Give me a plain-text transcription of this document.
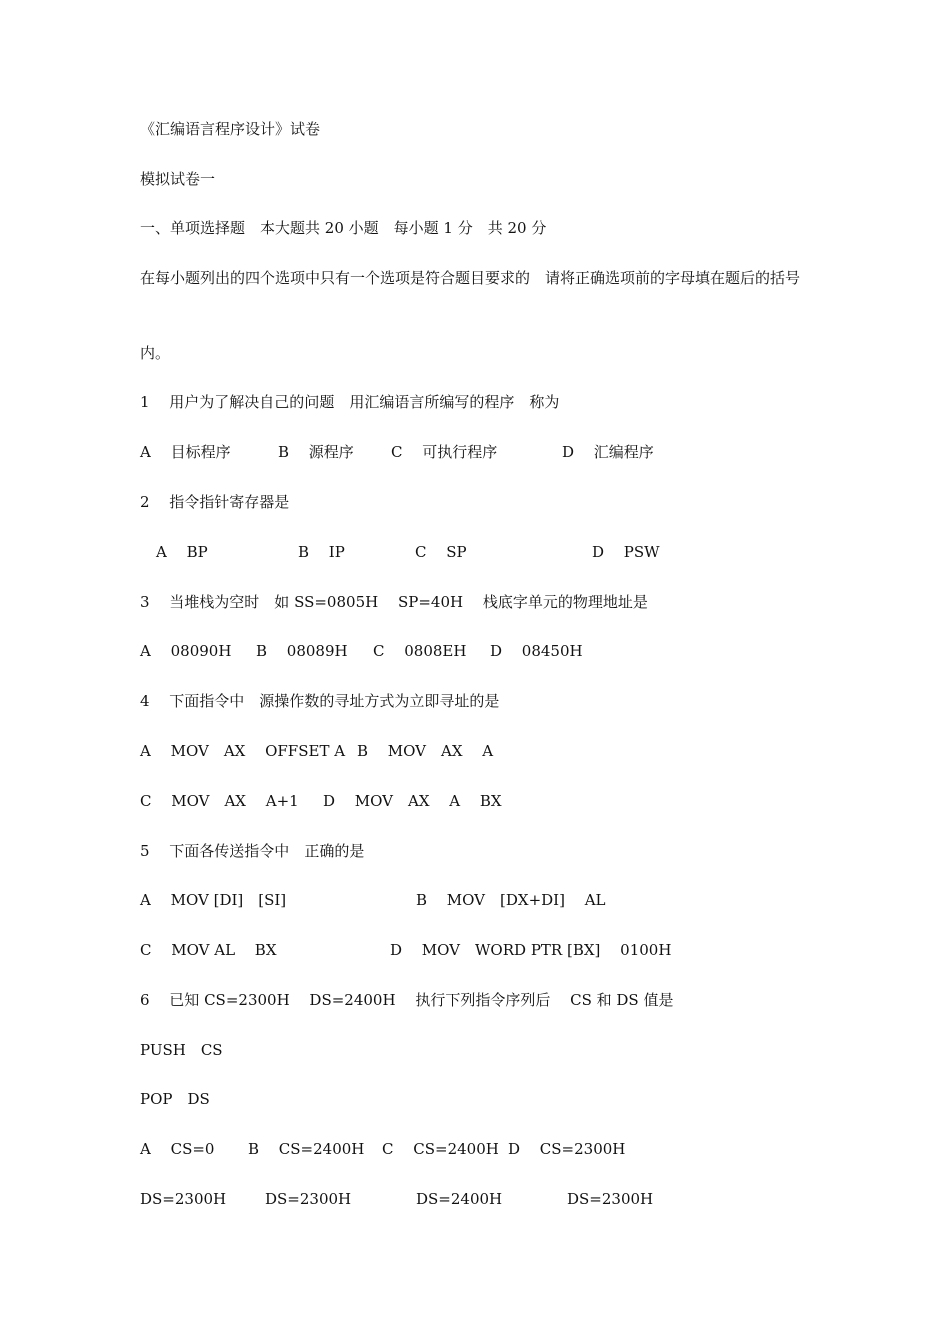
《汇编语言程序设计》试卷
模拟试卷一
一、单项选择题　本大题共 20 小题　每小题 1 分　共 20 分
在每小题列出的四个选项中只有一个选项是符合题目要求的　请将正确选项前的字母填在题后的括号
内。
1　 用户为了解决自己的问题　用汇编语言所编写的程序　称为
A　 目标程序	B　 源程序 C　 可执行程序	D　 汇编程序
2　 指令指针寄存器是
A　 BP	B　 IP	C　 SP	D　 PSW
3　 当堆栈为空时　如 SS=0805H　 SP=40H　 栈底字单元的物理地址是
A　 08090H B　 08089H C　 0808EH D　 08450H
4　 下面指令中　源操作数的寻址方式为立即寻址的是
A　 MOV　AX　 OFFSET A B　 MOV　AX　 A
C　 MOV　AX　 A+1 D　 MOV　AX　 A　 BX
5　 下面各传送指令中　正确的是
A　 MOV [DI]　[SI]	B　 MOV　[DX+DI]　 AL
C　 MOV AL　 BX	D　 MOV　WORD PTR [BX]　 0100H
6　 已知 CS=2300H　 DS=2400H　 执行下列指令序列后　 CS 和 DS 值是
PUSH　CS
POP　DS
A　 CS=0 B　 CS=2400H C　 CS=2400H D　 CS=2300H
DS=2300H	DS=2300H	DS=2400H	DS=2300H
